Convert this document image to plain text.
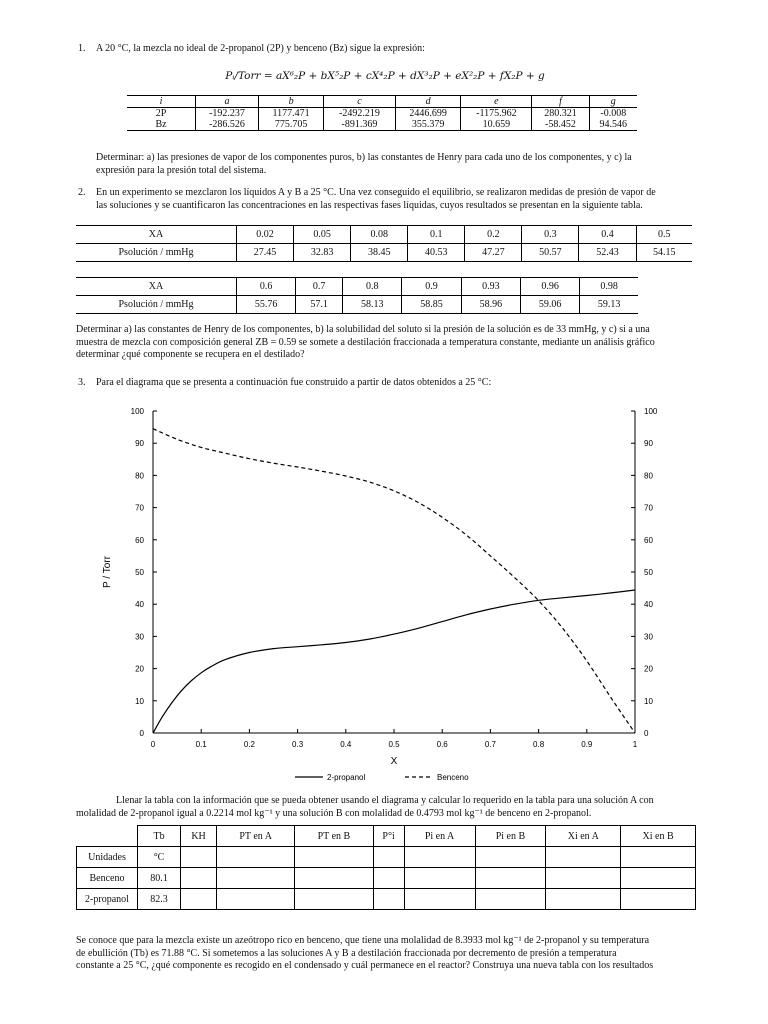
1.	A 20 °C, la mezcla no ideal de 2-propanol (2P) y benceno (Bz) sigue la expresión:
Pᵢ/Torr = aX⁶₂P + bX⁵₂P + cX⁴₂P + dX³₂P + eX²₂P + fX₂P + g
i	a	b	c	d	e	f	g
2P	-192.237	1177.471	-2492.219	2446.699	-1175.962	280.321	-0.008
Bz	-286.526	775.705	-891.369	355.379	10.659	-58.452	94.546
Determinar: a) las presiones de vapor de los componentes puros, b) las constantes de Henry para cada uno de los componentes, y c) la
expresión para la presión total del sistema.
2.	En un experimento se mezclaron los líquidos A y B a 25 °C. Una vez conseguido el equilibrio, se realizaron medidas de presión de vapor de
las soluciones y se cuantificaron las concentraciones en las respectivas fases líquidas, cuyos resultados se presentan en la siguiente tabla.
XA	0.02	0.05	0.08	0.1	0.2	0.3	0.4	0.5
Psolución / mmHg	27.45	32.83	38.45	40.53	47.27	50.57	52.43	54.15
XA	0.6	0.7	0.8	0.9	0.93	0.96	0.98
Psolución / mmHg	55.76	57.1	58.13	58.85	58.96	59.06	59.13
Determinar a) las constantes de Henry de los componentes, b) la solubilidad del soluto si la presión de la solución es de 33 mmHg, y c) si a una
muestra de mezcla con composición general ZB = 0.59 se somete a destilación fraccionada a temperatura constante, mediante un análisis gráfico
determinar ¿qué componente se recupera en el destilado?
3.	Para el diagrama que se presenta a continuación fue construido a partir de datos obtenidos a 25 °C:
0	0
10	10
20	20
30	30
40	40
50	50
60	60
70	70
80	80
90	90
100	100
0	0.1	0.2	0.3	0.4	0.5	0.6	0.7	0.8	0.9	1
X
P / Torr
2-propanol	Benceno
Llenar la tabla con la información que se pueda obtener usando el diagrama y calcular lo requerido en la tabla para una solución A con
molalidad de 2-propanol igual a 0.2214 mol kg⁻¹ y una solución B con molalidad de 0.4793 mol kg⁻¹ de benceno en 2-propanol.
	Tb	KH	PT en A	PT en B	P°i	Pi en A	Pi en B	Xi en A	Xi en B
Unidades	°C								
Benceno	80.1								
2-propanol	82.3								
Se conoce que para la mezcla existe un azeótropo rico en benceno, que tiene una molalidad de 8.3933 mol kg⁻¹ de 2-propanol y su temperatura
de ebullición (Tb) es 71.88 °C. Si sometemos a las soluciones A y B a destilación fraccionada por decremento de presión a temperatura
constante a 25 °C, ¿qué componente es recogido en el condensado y cuál permanece en el reactor? Construya una nueva tabla con los resultados
